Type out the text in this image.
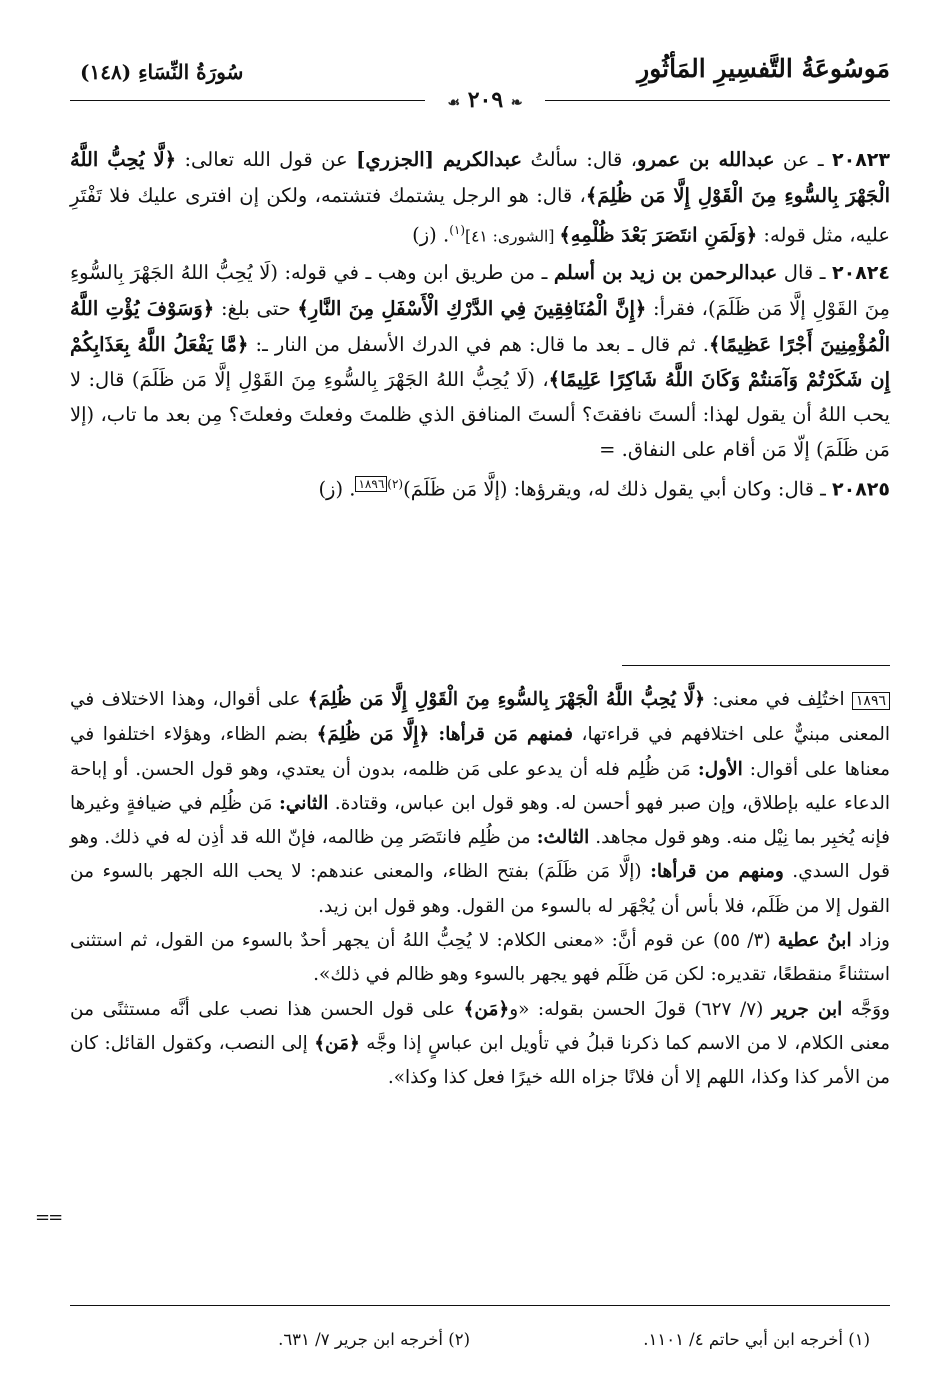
مَوسُوعَةُ التَّفسِيرِ المَأثُورِ
سُورَةُ النِّسَاءِ (١٤٨)
❧ ٢٠٩ ☙

٢٠٨٢٣ ـ عن عبدالله بن عمرو، قال: سألتُ عبدالكريم [الجزري] عن قول الله تعالى: ﴿لَّا يُحِبُّ اللَّهُ الْجَهْرَ بِالسُّوءِ مِنَ الْقَوْلِ إِلَّا مَن ظُلِمَ﴾، قال: هو الرجل يشتمك فتشتمه، ولكن إن افترى عليك فلا تَفْتَرِ عليه، مثل قوله: ﴿وَلَمَنِ انتَصَرَ بَعْدَ ظُلْمِهِ﴾ [الشورى: ٤١]$^{(١)}$. (ز)

٢٠٨٢٤ ـ قال عبدالرحمن بن زيد بن أسلم ـ من طريق ابن وهب ـ في قوله: (لَا يُحِبُّ اللهُ الجَهْرَ بِالسُّوءِ مِنَ القَوْلِ إلَّا مَن ظَلَمَ)، فقرأ: ﴿إِنَّ الْمُنَافِقِينَ فِي الدَّرْكِ الْأَسْفَلِ مِنَ النَّارِ﴾ حتى بلغ: ﴿وَسَوْفَ يُؤْتِ اللَّهُ الْمُؤْمِنِينَ أَجْرًا عَظِيمًا﴾. ثم قال ـ بعد ما قال: هم في الدرك الأسفل من النار ـ: ﴿مَّا يَفْعَلُ اللَّهُ بِعَذَابِكُمْ إِن شَكَرْتُمْ وَآمَنتُمْ وَكَانَ اللَّهُ شَاكِرًا عَلِيمًا﴾، (لَا يُحِبُّ اللهُ الجَهْرَ بِالسُّوءِ مِنَ القَوْلِ إلَّا مَن ظَلَمَ) قال: لا يحب اللهُ أن يقول لهذا: ألستَ نافقتَ؟ ألستَ المنافق الذي ظلمتَ وفعلتَ وفعلتَ؟ مِن بعد ما تاب، (إلا مَن ظَلَمَ) إلّا مَن أقام على النفاق. =

٢٠٨٢٥ ـ قال: وكان أبي يقول ذلك له، ويقرؤها: (إلَّا مَن ظَلَمَ)$^{(٢)١٨٩٦}$. (ز)

١٨٩٦ اختُلِف في معنى: ﴿لَّا يُحِبُّ اللَّهُ الْجَهْرَ بِالسُّوءِ مِنَ الْقَوْلِ إِلَّا مَن ظُلِمَ﴾ على أقوال، وهذا الاختلاف في المعنى مبنيٌّ على اختلافهم في قراءتها، فمنهم مَن قرأها: ﴿إِلَّا مَن ظُلِمَ﴾ بضم الظاء، وهؤلاء اختلفوا في معناها على أقوال: الأول: مَن ظُلِم فله أن يدعو على مَن ظلمه، بدون أن يعتدي، وهو قول الحسن. أو إباحة الدعاء عليه بإطلاق، وإن صبر فهو أحسن له. وهو قول ابن عباس، وقتادة. الثاني: مَن ظُلِم في ضيافةٍ وغيرها فإنه يُخبِر بما نِيْل منه. وهو قول مجاهد. الثالث: من ظُلِم فانتَصَر مِن ظالمه، فإنّ الله قد أذِن له في ذلك. وهو قول السدي. ومنهم من قرأها: (إلَّا مَن ظَلَمَ) بفتح الظاء، والمعنى عندهم: لا يحب الله الجهر بالسوء من القول إلا من ظَلَم، فلا بأس أن يُجْهَر له بالسوء من القول. وهو قول ابن زيد.

وزاد ابنُ عطية (٣/ ٥٥) عن قوم أنَّ: «معنى الكلام: لا يُحِبُّ اللهُ أن يجهر أحدٌ بالسوء من القول، ثم استثنى استثناءً منقطعًا، تقديره: لكن مَن ظَلَم فهو يجهر بالسوء وهو ظالم في ذلك».

ووَجَّه ابن جرير (٧/ ٦٢٧) قولَ الحسن بقوله: «و﴿مَن﴾ على قول الحسن هذا نصب على أنَّه مستثنًى من معنى الكلام، لا من الاسم كما ذكرنا قبلُ في تأويل ابن عباسٍ إذا وجَّه ﴿مَن﴾ إلى النصب، وكقول القائل: كان من الأمر كذا وكذا، اللهم إلا أن فلانًا جزاه الله خيرًا فعل كذا وكذا».

(١) أخرجه ابن أبي حاتم ٤/ ١١٠١.
(٢) أخرجه ابن جرير ٧/ ٦٣١.
==
